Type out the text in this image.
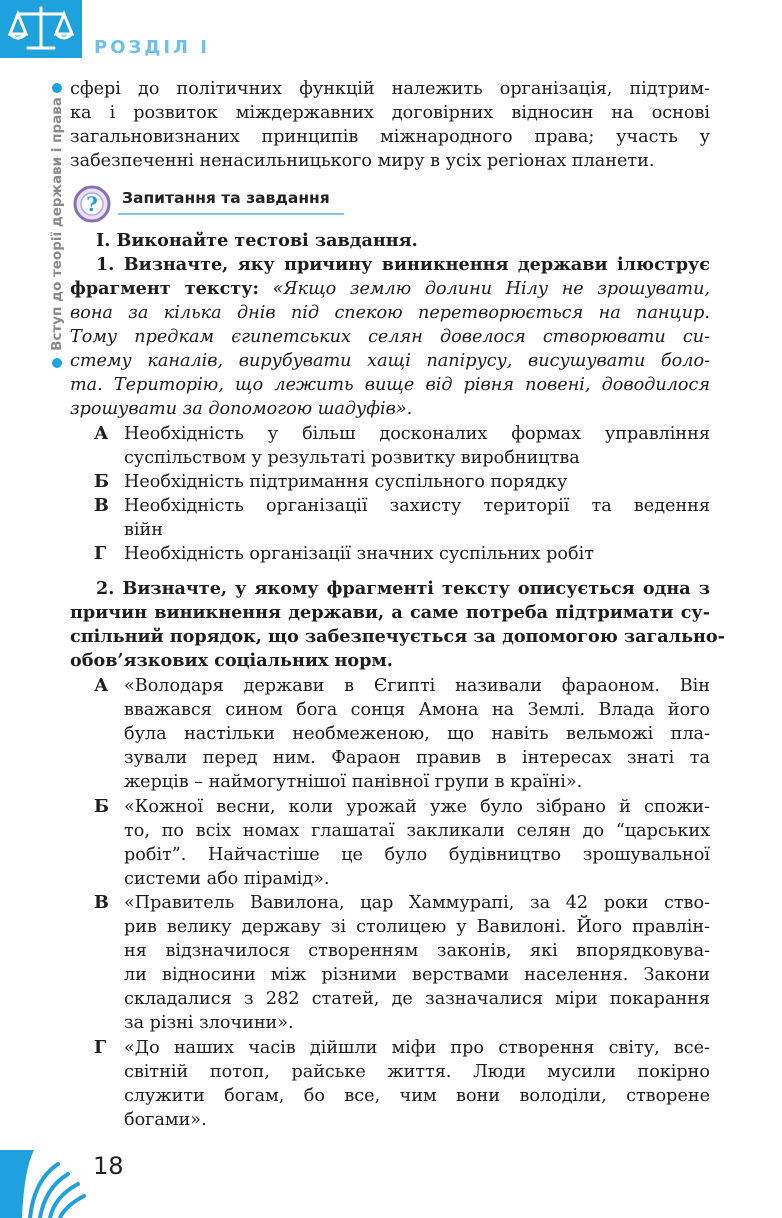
РОЗДІЛ І
Вступ до теорії держави і права
сфері до політичних функцій належить організація, підтрим-
ка і розвиток міждержавних договірних відносин на основі
загальновизнаних принципів міжнародного права; участь у
забезпеченні ненасильницького миру в усіх регіонах планети.
? Запитання та завдання
І. Виконайте тестові завдання.
1. Визначте, яку причину виникнення держави ілюструє
фрагмент тексту: «Якщо землю долини Нілу не зрошувати,
вона за кілька днів під спекою перетворюється на панцир.
Тому предкам єгипетських селян довелося створювати си-
стему каналів, вирубувати хащі папірусу, висушувати боло-
та. Територію, що лежить вище від рівня повені, доводилося
зрошувати за допомогою шадуфів».
А Необхідність у більш досконалих формах управління
суспільством у результаті розвитку виробництва
Б Необхідність підтримання суспільного порядку
В Необхідність організації захисту території та ведення
війн
Г Необхідність організації значних суспільних робіт
2. Визначте, у якому фрагменті тексту описується одна з
причин виникнення держави, а саме потреба підтримати су-
спільний порядок, що забезпечується за допомогою загально-
обов’язкових соціальних норм.
А «Володаря держави в Єгипті називали фараоном. Він
вважався сином бога сонця Амона на Землі. Влада його
була настільки необмеженою, що навіть вельможі пла-
зували перед ним. Фараон правив в інтересах знаті та
жерців – наймогутнішої панівної групи в країні».
Б «Кожної весни, коли урожай уже було зібрано й спожи-
то, по всіх номах глашатаї закликали селян до “царських
робіт”. Найчастіше це було будівництво зрошувальної
системи або пірамід».
В «Правитель Вавилона, цар Хаммурапі, за 42 роки ство-
рив велику державу зі столицею у Вавилоні. Його правлін-
ня відзначилося створенням законів, які впорядковува-
ли відносини між різними верствами населення. Закони
складалися з 282 статей, де зазначалися міри покарання
за різні злочини».
Г «До наших часів дійшли міфи про створення світу, все-
світній потоп, райське життя. Люди мусили покірно
служити богам, бо все, чим вони володіли, створене
богами».
18
